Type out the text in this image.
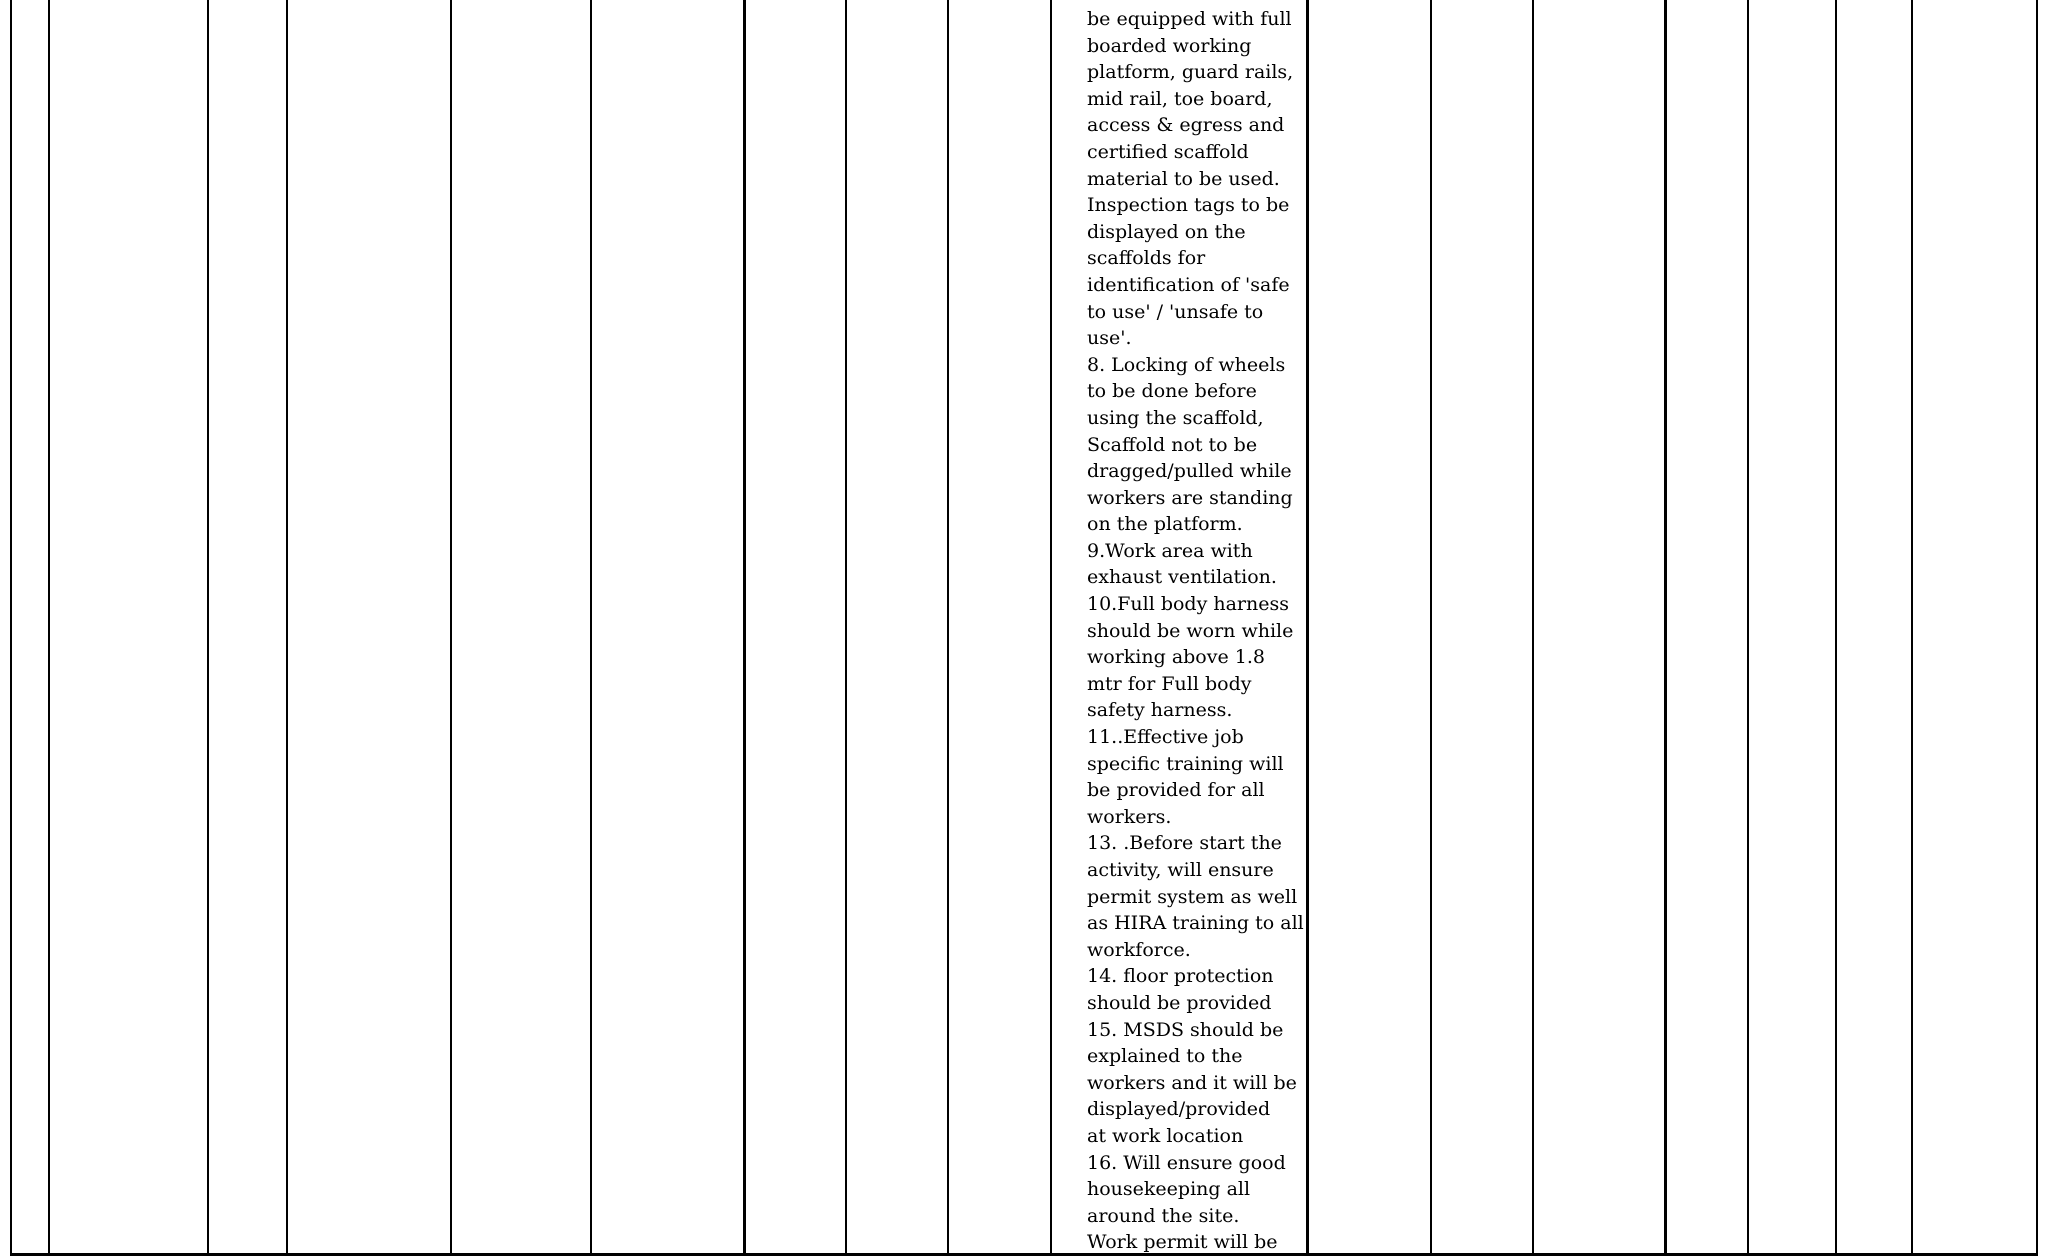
be equipped with full
boarded working
platform, guard rails,
mid rail, toe board,
access & egress and
certified scaffold
material to be used.
Inspection tags to be
displayed on the
scaffolds for
identification of 'safe
to use' / 'unsafe to
use'.
8. Locking of wheels
to be done before
using the scaffold,
Scaffold not to be
dragged/pulled while
workers are standing
on the platform.
9.Work area with
exhaust ventilation.
10.Full body harness
should be worn while
working above 1.8
mtr for Full body
safety harness.
11..Effective job
specific training will
be provided for all
workers.
13. .Before start the
activity, will ensure
permit system as well
as HIRA training to all
workforce.
14. floor protection
should be provided
15. MSDS should be
explained to the
workers and it will be
displayed/provided
at work location
16. Will ensure good
housekeeping all
around the site.
Work permit will be
